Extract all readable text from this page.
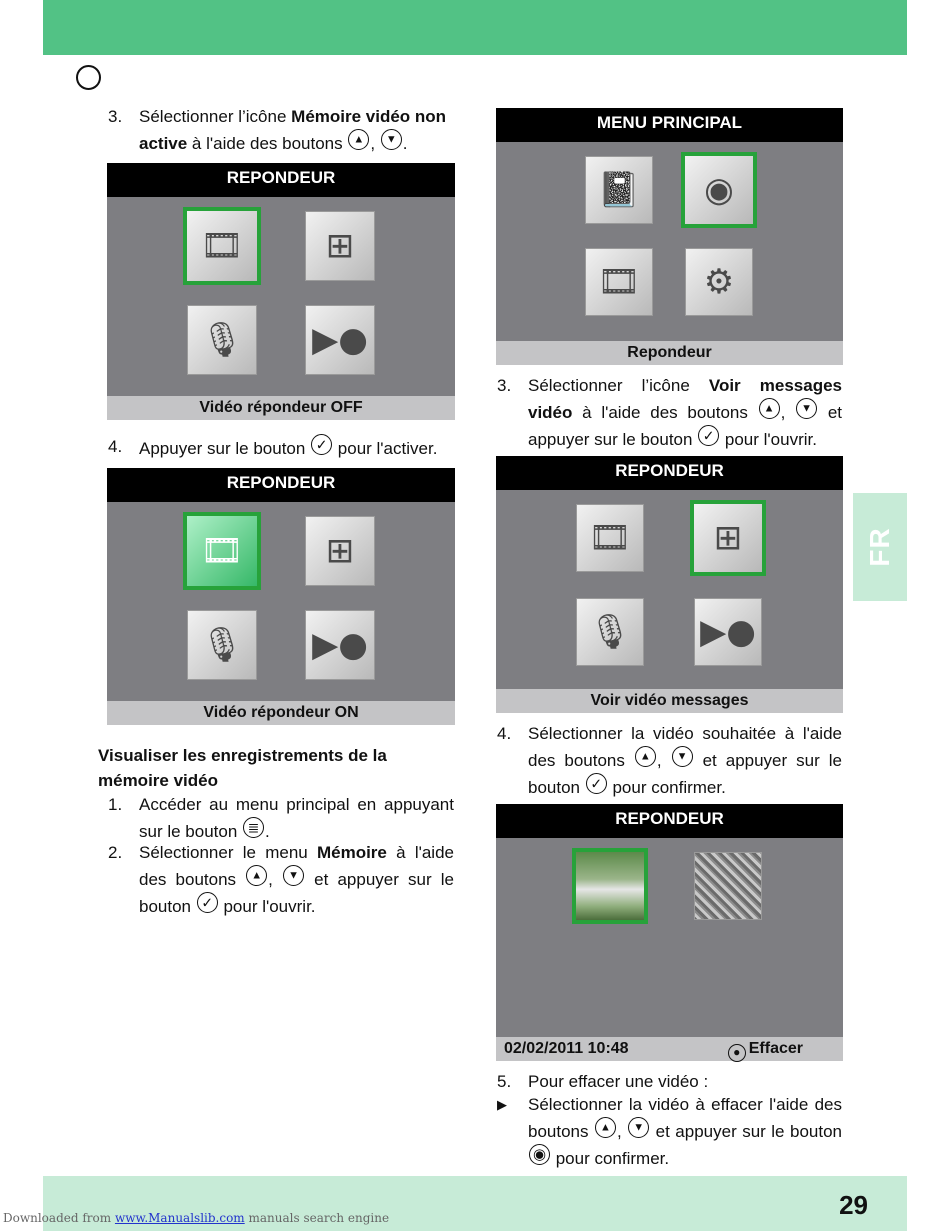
FR
3. Sélectionner l’icône Mémoire vidéo non active à l'aide des boutons ▲, ▼.
REPONDEUR
🎞	⊞
🎙	▶●
Vidéo répondeur OFF
4. Appuyer sur le bouton ✓ pour l'activer.
REPONDEUR
🎞	⊞
🎙	▶●
Vidéo répondeur ON
Visualiser les enregistrements de la
mémoire vidéo
1. Accéder au menu principal en appuyant sur le bouton ≣.
2. Sélectionner le menu Mémoire à l'aide des boutons ▲, ▼ et appuyer sur le bouton ✓ pour l'ouvrir.
MENU PRINCIPAL
📓	◉
🎞	⚙
Repondeur
3. Sélectionner l’icône Voir messages vidéo à l'aide des boutons ▲, ▼ et appuyer sur le bouton ✓ pour l'ouvrir.
REPONDEUR
🎞	⊞
🎙	▶●
Voir vidéo messages
4. Sélectionner la vidéo souhaitée à l'aide des boutons ▲, ▼ et appuyer sur le bouton ✓ pour confirmer.
REPONDEUR
02/02/2011 10:48	● Effacer
5. Pour effacer une vidéo :
▶ Sélectionner la vidéo à effacer l'aide des boutons ▲, ▼ et appuyer sur le bouton ◉ pour confirmer.
29
Downloaded from www.Manualslib.com manuals search engine
